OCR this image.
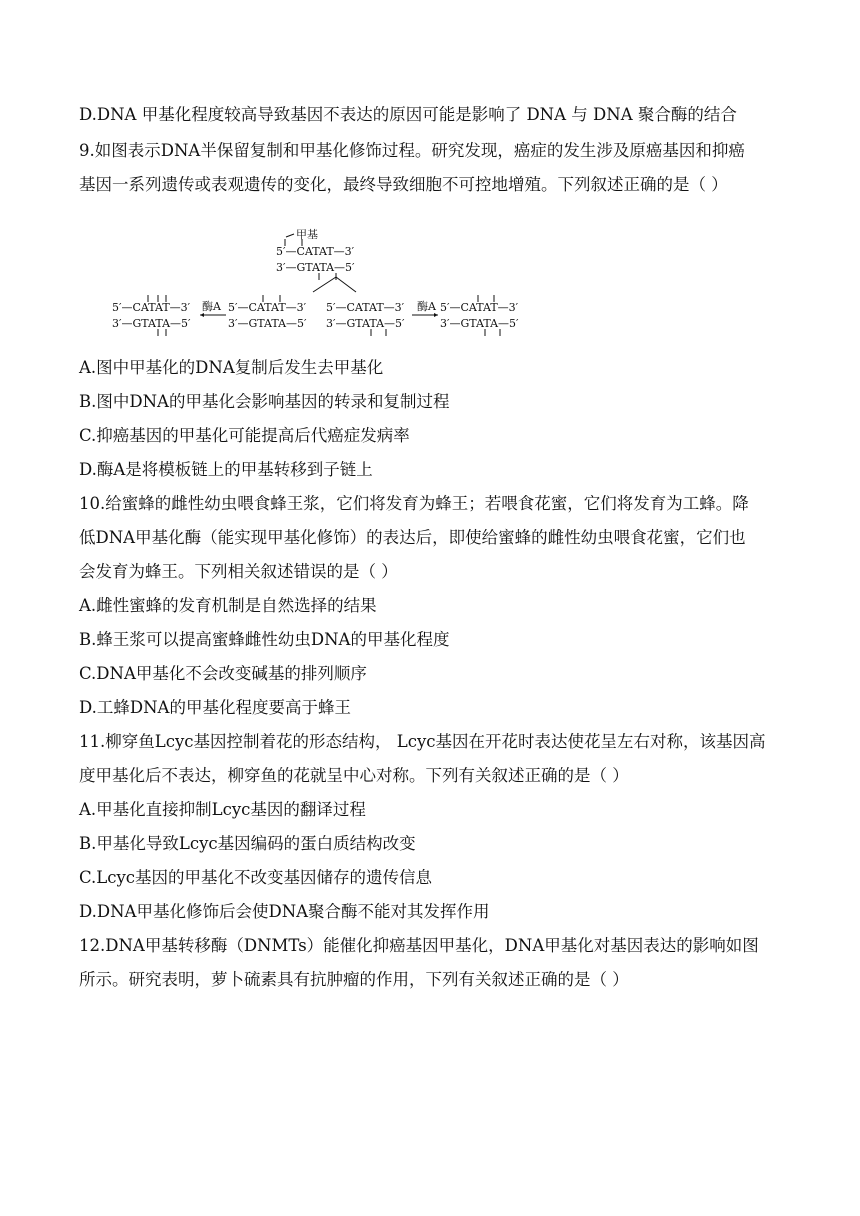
D.DNA 甲基化程度较高导致基因不表达的原因可能是影响了 DNA 与 DNA 聚合酶的结合
9.如图表示DNA半保留复制和甲基化修饰过程。研究发现，癌症的发生涉及原癌基因和抑癌
基因一系列遗传或表观遗传的变化，最终导致细胞不可控地增殖。下列叙述正确的是（ ）
甲基
5′—CATAT—3′
3′—GTATA—5′
5′—CATAT—3′
3′—GTATA—5′
酶A 5′—CATAT—3′
3′—GTATA—5′
5′—CATAT—3′
3′—GTATA—5′
酶A 5′—CATAT—3′
3′—GTATA—5′
A.图中甲基化的DNA复制后发生去甲基化
B.图中DNA的甲基化会影响基因的转录和复制过程
C.抑癌基因的甲基化可能提高后代癌症发病率
D.酶A是将模板链上的甲基转移到子链上
10.给蜜蜂的雌性幼虫喂食蜂王浆，它们将发育为蜂王；若喂食花蜜，它们将发育为工蜂。降
低DNA甲基化酶（能实现甲基化修饰）的表达后，即使给蜜蜂的雌性幼虫喂食花蜜，它们也
会发育为蜂王。下列相关叙述错误的是（ ）
A.雌性蜜蜂的发育机制是自然选择的结果
B.蜂王浆可以提高蜜蜂雌性幼虫DNA的甲基化程度
C.DNA甲基化不会改变碱基的排列顺序
D.工蜂DNA的甲基化程度要高于蜂王
11.柳穿鱼Lcyc基因控制着花的形态结构， Lcyc基因在开花时表达使花呈左右对称，该基因高
度甲基化后不表达，柳穿鱼的花就呈中心对称。下列有关叙述正确的是（ ）
A.甲基化直接抑制Lcyc基因的翻译过程
B.甲基化导致Lcyc基因编码的蛋白质结构改变
C.Lcyc基因的甲基化不改变基因储存的遗传信息
D.DNA甲基化修饰后会使DNA聚合酶不能对其发挥作用
12.DNA甲基转移酶（DNMTs）能催化抑癌基因甲基化，DNA甲基化对基因表达的影响如图
所示。研究表明，萝卜硫素具有抗肿瘤的作用，下列有关叙述正确的是（ ）
